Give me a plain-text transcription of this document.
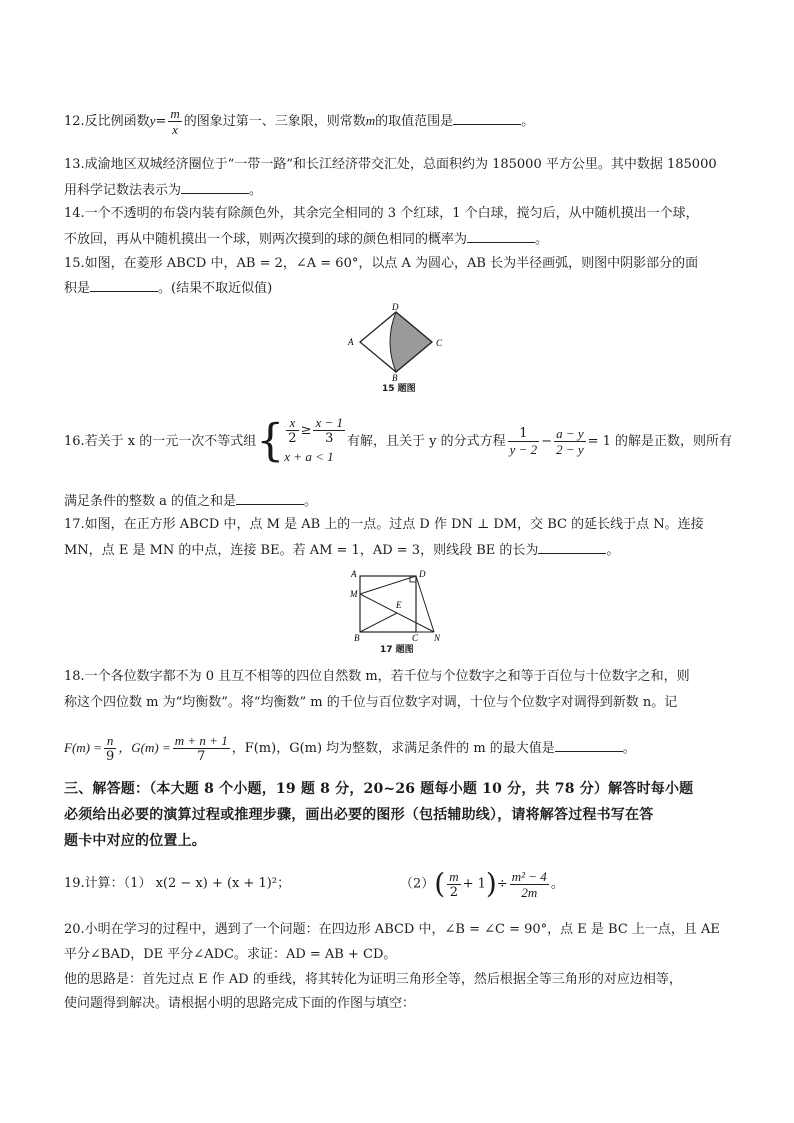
12.反比例函数$y= \frac{m}{x}$ 的图象过第一、三象限，则常数m的取值范围是	。
13.成渝地区双城经济圈位于“一带一路”和长江经济带交汇处，总面积约为 185000 平方公里。其中数据 185000
用科学记数法表示为	。
14.一个不透明的布袋内装有除颜色外，其余完全相同的 3 个红球，1 个白球，搅匀后，从中随机摸出一个球，
不放回，再从中随机摸出一个球，则两次摸到的球的颜色相同的概率为	。
15.如图，在菱形 ABCD 中，AB = 2，∠A = 60°，以点 A 为圆心，AB 长为半径画弧，则图中阴影部分的面
积是	。(结果不取近似值)
A
D
C
B
15 题图
16.若关于 x 的一元一次不等式组{ $\frac{x}{2} \ge \frac{x - 1}{3}$
x + a < 1
有解，且关于 y 的分式方程 $\frac{1}{y - 2} - \frac{a - y}{2 - y} = 1$ 的解是正数，则所有
满足条件的整数 a 的值之和是	。
17.如图，在正方形 ABCD 中，点 M 是 AB 上的一点。过点 D 作 DN ⊥ DM，交 BC 的延长线于点 N。连接
MN，点 E 是 MN 的中点，连接 BE。若 AM = 1，AD = 3，则线段 BE 的长为	。
A	D
M
E
B	C N
17 题图
18.一个各位数字都不为 0 且互不相等的四位自然数 m，若千位与个位数字之和等于百位与十位数字之和，则
称这个四位数 m 为“均衡数”。将“均衡数” m 的千位与百位数字对调，十位与个位数字对调得到新数 n。记
$F(m) = \frac{n}{9}$ ，$G(m) = \frac{m + n + 1}{7}$ ，F(m)，G(m) 均为整数，求满足条件的 m 的最大值是	。
三、解答题：（本大题 8 个小题，19 题 8 分，20~26 题每小题 10 分，共 78 分）解答时每小题
必须给出必要的演算过程或推理步骤，画出必要的图形（包括辅助线），请将解答过程书写在答
题卡中对应的位置上。
19.计算：（1） x(2 − x) + (x + 1)²；	$(2)( \frac{m}{2} + 1)\div \frac{\text{m² − 4}}{2m}$ 。
20.小明在学习的过程中，遇到了一个问题：在四边形 ABCD 中，∠B = ∠C = 90°，点 E 是 BC 上一点，且 AE
平分∠BAD，DE 平分∠ADC。求证：AD = AB + CD。
他的思路是：首先过点 E 作 AD 的垂线，将其转化为证明三角形全等，然后根据全等三角形的对应边相等，
使问题得到解决。请根据小明的思路完成下面的作图与填空：
